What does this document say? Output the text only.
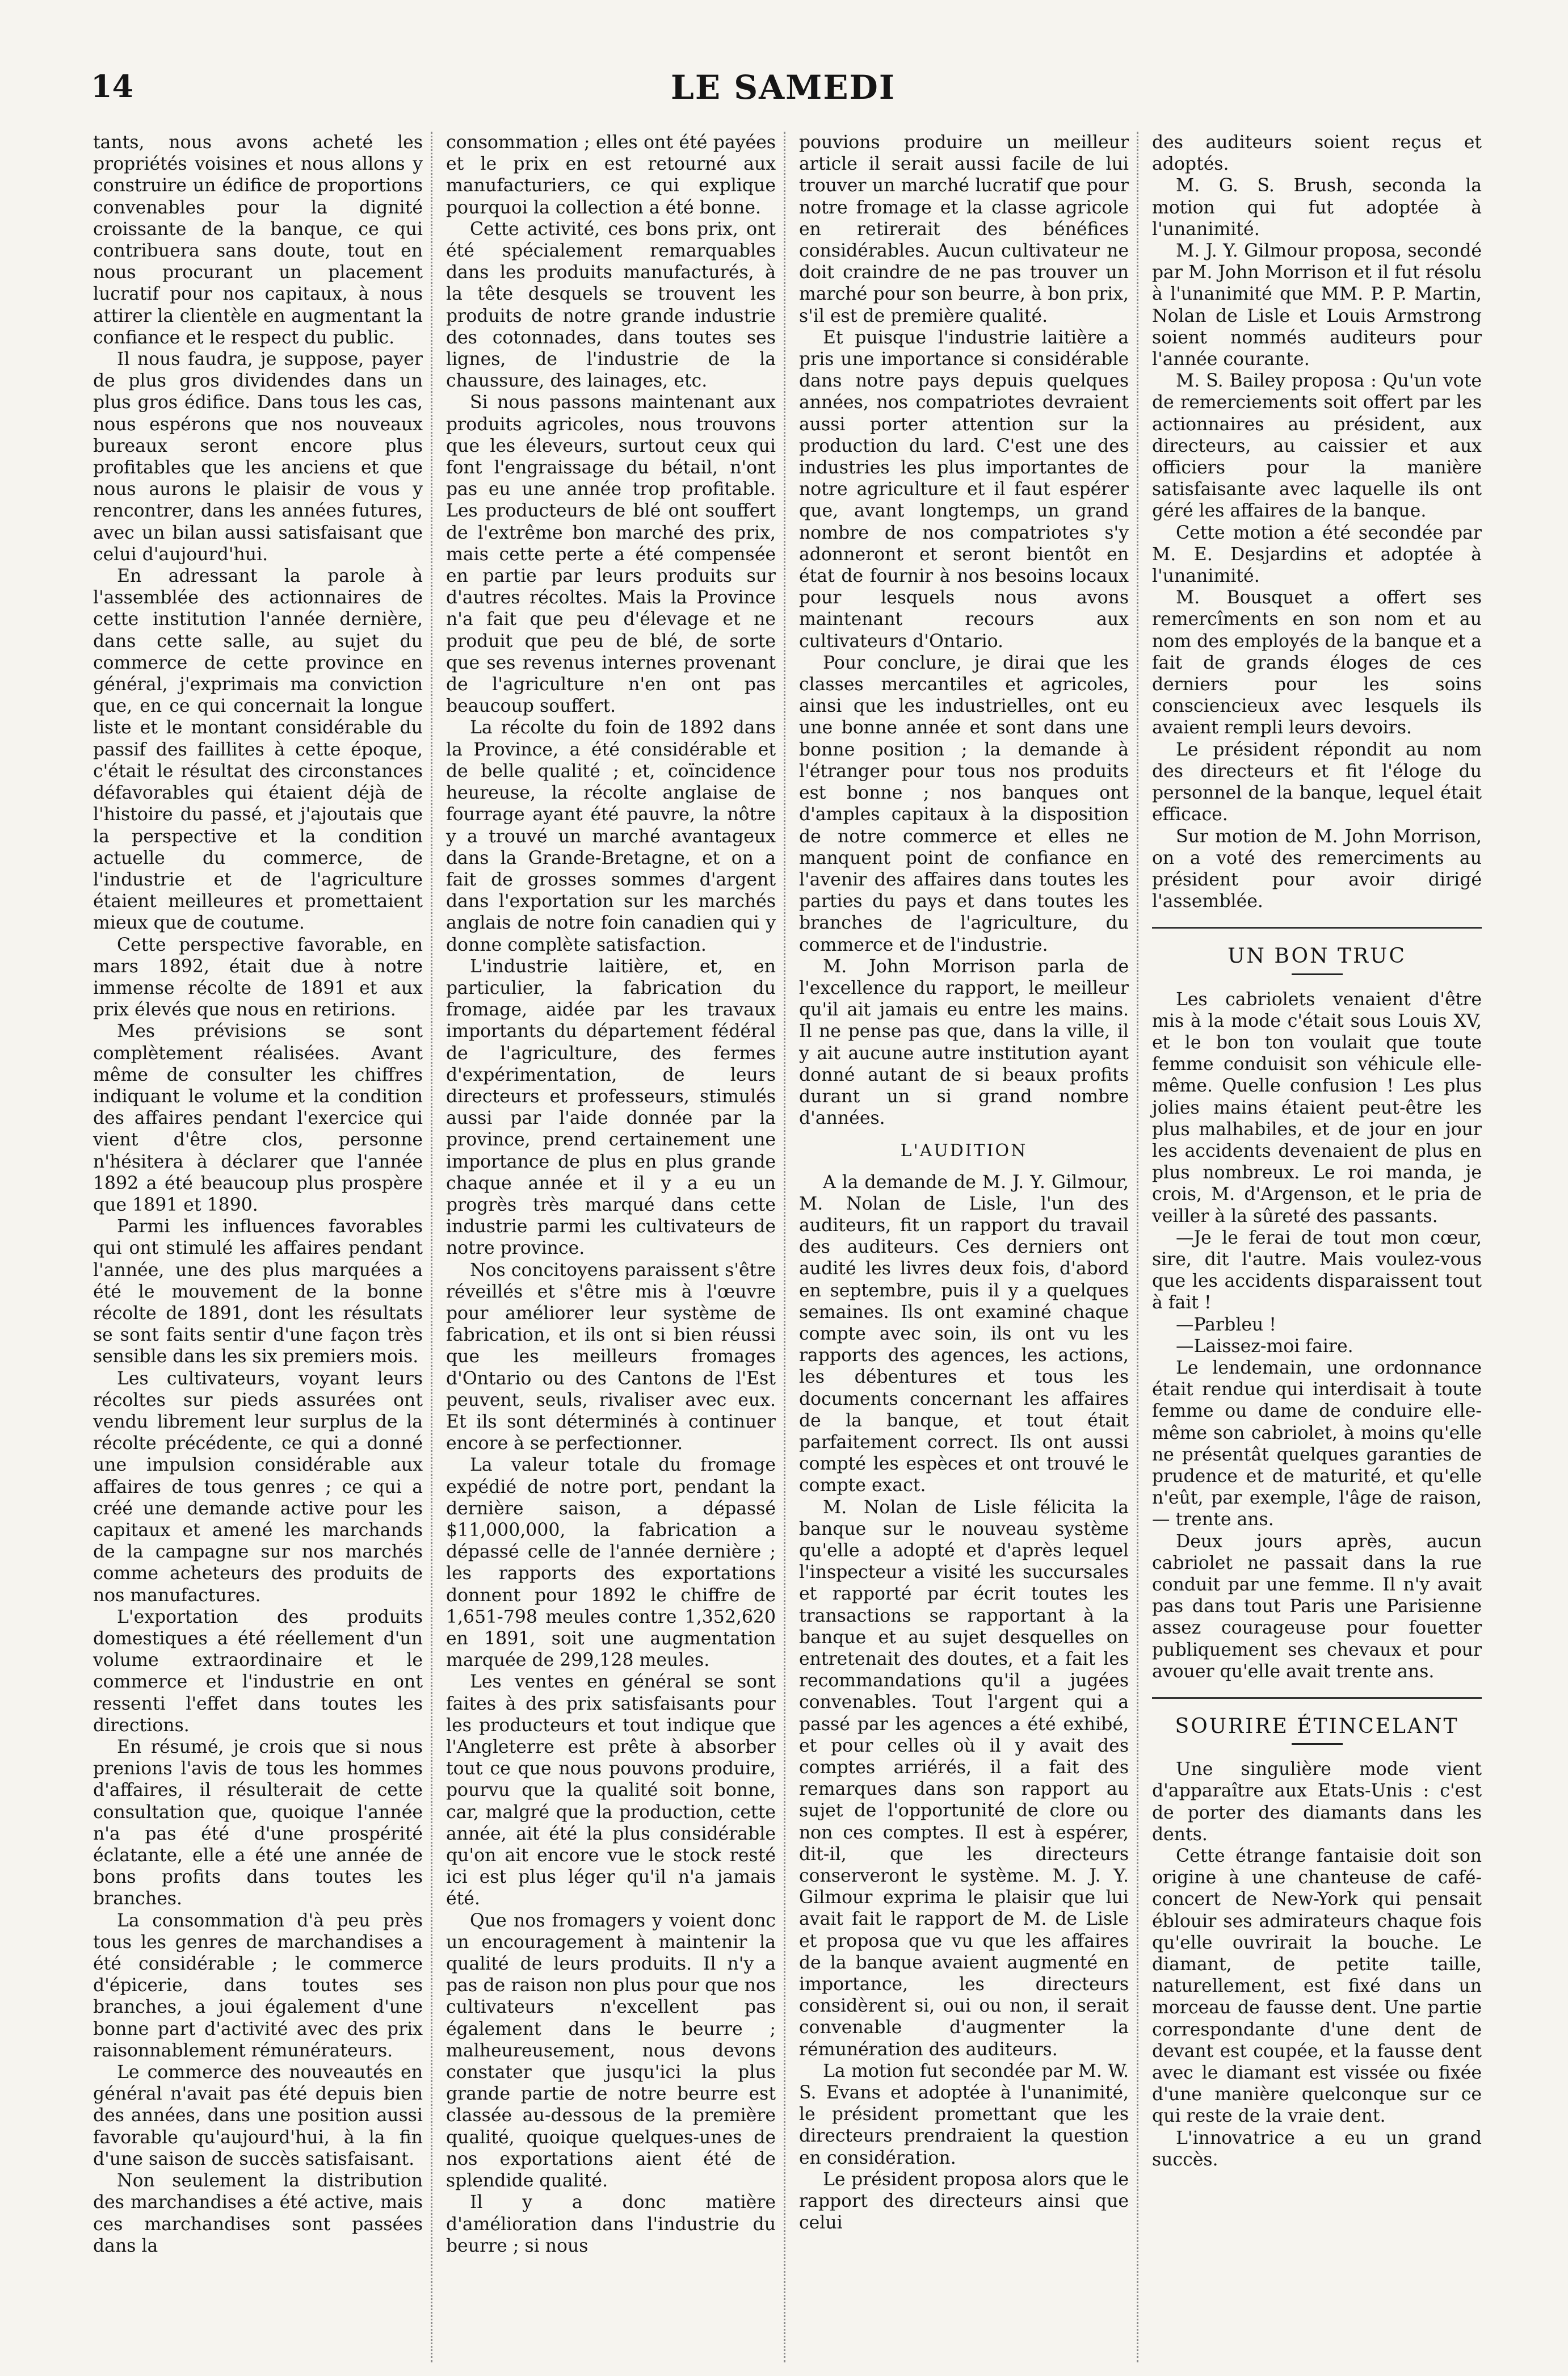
14	LE SAMEDI

tants, nous avons acheté les propriétés voisines et nous allons y construire un édifice de proportions convenables pour la dignité croissante de la banque, ce qui contribuera sans doute, tout en nous procurant un placement lucratif pour nos capitaux, à nous attirer la clientèle en augmentant la confiance et le respect du public.

Il nous faudra, je suppose, payer de plus gros dividendes dans un plus gros édifice. Dans tous les cas, nous espérons que nos nouveaux bureaux seront encore plus profitables que les anciens et que nous aurons le plaisir de vous y rencontrer, dans les années futures, avec un bilan aussi satisfaisant que celui d'aujourd'hui.

En adressant la parole à l'assemblée des actionnaires de cette institution l'année dernière, dans cette salle, au sujet du commerce de cette province en général, j'exprimais ma conviction que, en ce qui concernait la longue liste et le montant considérable du passif des faillites à cette époque, c'était le résultat des circonstances défavorables qui étaient déjà de l'histoire du passé, et j'ajoutais que la perspective et la condition actuelle du commerce, de l'industrie et de l'agriculture étaient meilleures et promettaient mieux que de coutume.

Cette perspective favorable, en mars 1892, était due à notre immense récolte de 1891 et aux prix élevés que nous en retirions.

Mes prévisions se sont complètement réalisées. Avant même de consulter les chiffres indiquant le volume et la condition des affaires pendant l'exercice qui vient d'être clos, personne n'hésitera à déclarer que l'année 1892 a été beaucoup plus prospère que 1891 et 1890.

Parmi les influences favorables qui ont stimulé les affaires pendant l'année, une des plus marquées a été le mouvement de la bonne récolte de 1891, dont les résultats se sont faits sentir d'une façon très sensible dans les six premiers mois.

Les cultivateurs, voyant leurs récoltes sur pieds assurées ont vendu librement leur surplus de la récolte précédente, ce qui a donné une impulsion considérable aux affaires de tous genres ; ce qui a créé une demande active pour les capitaux et amené les marchands de la campagne sur nos marchés comme acheteurs des produits de nos manufactures.

L'exportation des produits domestiques a été réellement d'un volume extraordinaire et le commerce et l'industrie en ont ressenti l'effet dans toutes les directions.

En résumé, je crois que si nous prenions l'avis de tous les hommes d'affaires, il résulterait de cette consultation que, quoique l'année n'a pas été d'une prospérité éclatante, elle a été une année de bons profits dans toutes les branches.

La consommation d'à peu près tous les genres de marchandises a été considérable ; le commerce d'épicerie, dans toutes ses branches, a joui également d'une bonne part d'activité avec des prix raisonnablement rémunérateurs.

Le commerce des nouveautés en général n'avait pas été depuis bien des années, dans une position aussi favorable qu'aujourd'hui, à la fin d'une saison de succès satisfaisant.

Non seulement la distribution des marchandises a été active, mais ces marchandises sont passées dans la

consommation ; elles ont été payées et le prix en est retourné aux manufacturiers, ce qui explique pourquoi la collection a été bonne.

Cette activité, ces bons prix, ont été spécialement remarquables dans les produits manufacturés, à la tête desquels se trouvent les produits de notre grande industrie des cotonnades, dans toutes ses lignes, de l'industrie de la chaussure, des lainages, etc.

Si nous passons maintenant aux produits agricoles, nous trouvons que les éleveurs, surtout ceux qui font l'engraissage du bétail, n'ont pas eu une année trop profitable. Les producteurs de blé ont souffert de l'extrême bon marché des prix, mais cette perte a été compensée en partie par leurs produits sur d'autres récoltes. Mais la Province n'a fait que peu d'élevage et ne produit que peu de blé, de sorte que ses revenus internes provenant de l'agriculture n'en ont pas beaucoup souffert.

La récolte du foin de 1892 dans la Province, a été considérable et de belle qualité ; et, coïncidence heureuse, la récolte anglaise de fourrage ayant été pauvre, la nôtre y a trouvé un marché avantageux dans la Grande-Bretagne, et on a fait de grosses sommes d'argent dans l'exportation sur les marchés anglais de notre foin canadien qui y donne complète satisfaction.

L'industrie laitière, et, en particulier, la fabrication du fromage, aidée par les travaux importants du département fédéral de l'agriculture, des fermes d'expérimentation, de leurs directeurs et professeurs, stimulés aussi par l'aide donnée par la province, prend certainement une importance de plus en plus grande chaque année et il y a eu un progrès très marqué dans cette industrie parmi les cultivateurs de notre province.

Nos concitoyens paraissent s'être réveillés et s'être mis à l'œuvre pour améliorer leur système de fabrication, et ils ont si bien réussi que les meilleurs fromages d'Ontario ou des Cantons de l'Est peuvent, seuls, rivaliser avec eux. Et ils sont déterminés à continuer encore à se perfectionner.

La valeur totale du fromage expédié de notre port, pendant la dernière saison, a dépassé $11,000,000, la fabrication a dépassé celle de l'année dernière ; les rapports des exportations donnent pour 1892 le chiffre de 1,651-798 meules contre 1,352,620 en 1891, soit une augmentation marquée de 299,128 meules.

Les ventes en général se sont faites à des prix satisfaisants pour les producteurs et tout indique que l'Angleterre est prête à absorber tout ce que nous pouvons produire, pourvu que la qualité soit bonne, car, malgré que la production, cette année, ait été la plus considérable qu'on ait encore vue le stock resté ici est plus léger qu'il n'a jamais été.

Que nos fromagers y voient donc un encouragement à maintenir la qualité de leurs produits. Il n'y a pas de raison non plus pour que nos cultivateurs n'excellent pas également dans le beurre ; malheureusement, nous devons constater que jusqu'ici la plus grande partie de notre beurre est classée au-dessous de la première qualité, quoique quelques-unes de nos exportations aient été de splendide qualité.

Il y a donc matière d'amélioration dans l'industrie du beurre ; si nous

pouvions produire un meilleur article il serait aussi facile de lui trouver un marché lucratif que pour notre fromage et la classe agricole en retirerait des bénéfices considérables. Aucun cultivateur ne doit craindre de ne pas trouver un marché pour son beurre, à bon prix, s'il est de première qualité.

Et puisque l'industrie laitière a pris une importance si considérable dans notre pays depuis quelques années, nos compatriotes devraient aussi porter attention sur la production du lard. C'est une des industries les plus importantes de notre agriculture et il faut espérer que, avant longtemps, un grand nombre de nos compatriotes s'y adonneront et seront bientôt en état de fournir à nos besoins locaux pour lesquels nous avons maintenant recours aux cultivateurs d'Ontario.

Pour conclure, je dirai que les classes mercantiles et agricoles, ainsi que les industrielles, ont eu une bonne année et sont dans une bonne position ; la demande à l'étranger pour tous nos produits est bonne ; nos banques ont d'amples capitaux à la disposition de notre commerce et elles ne manquent point de confiance en l'avenir des affaires dans toutes les parties du pays et dans toutes les branches de l'agriculture, du commerce et de l'industrie.

M. John Morrison parla de l'excellence du rapport, le meilleur qu'il ait jamais eu entre les mains. Il ne pense pas que, dans la ville, il y ait aucune autre institution ayant donné autant de si beaux profits durant un si grand nombre d'années.

L'AUDITION

A la demande de M. J. Y. Gilmour, M. Nolan de Lisle, l'un des auditeurs, fit un rapport du travail des auditeurs. Ces derniers ont audité les livres deux fois, d'abord en septembre, puis il y a quelques semaines. Ils ont examiné chaque compte avec soin, ils ont vu les rapports des agences, les actions, les débentures et tous les documents concernant les affaires de la banque, et tout était parfaitement correct. Ils ont aussi compté les espèces et ont trouvé le compte exact.

M. Nolan de Lisle félicita la banque sur le nouveau système qu'elle a adopté et d'après lequel l'inspecteur a visité les succursales et rapporté par écrit toutes les transactions se rapportant à la banque et au sujet desquelles on entretenait des doutes, et a fait les recommandations qu'il a jugées convenables. Tout l'argent qui a passé par les agences a été exhibé, et pour celles où il y avait des comptes arriérés, il a fait des remarques dans son rapport au sujet de l'opportunité de clore ou non ces comptes. Il est à espérer, dit-il, que les directeurs conserveront le système. M. J. Y. Gilmour exprima le plaisir que lui avait fait le rapport de M. de Lisle et proposa que vu que les affaires de la banque avaient augmenté en importance, les directeurs considèrent si, oui ou non, il serait convenable d'augmenter la rémunération des auditeurs.

La motion fut secondée par M. W. S. Evans et adoptée à l'unanimité, le président promettant que les directeurs prendraient la question en considération.

Le président proposa alors que le rapport des directeurs ainsi que celui

des auditeurs soient reçus et adoptés.

M. G. S. Brush, seconda la motion qui fut adoptée à l'unanimité.

M. J. Y. Gilmour proposa, secondé par M. John Morrison et il fut résolu à l'unanimité que MM. P. P. Martin, Nolan de Lisle et Louis Armstrong soient nommés auditeurs pour l'année courante.

M. S. Bailey proposa : Qu'un vote de remerciements soit offert par les actionnaires au président, aux directeurs, au caissier et aux officiers pour la manière satisfaisante avec laquelle ils ont géré les affaires de la banque.

Cette motion a été secondée par M. E. Desjardins et adoptée à l'unanimité.

M. Bousquet a offert ses remercîments en son nom et au nom des employés de la banque et a fait de grands éloges de ces derniers pour les soins consciencieux avec lesquels ils avaient rempli leurs devoirs.

Le président répondit au nom des directeurs et fit l'éloge du personnel de la banque, lequel était efficace.

Sur motion de M. John Morrison, on a voté des remerciments au président pour avoir dirigé l'assemblée.

UN BON TRUC

Les cabriolets venaient d'être mis à la mode c'était sous Louis XV, et le bon ton voulait que toute femme conduisit son véhicule elle-même. Quelle confusion ! Les plus jolies mains étaient peut-être les plus malhabiles, et de jour en jour les accidents devenaient de plus en plus nombreux. Le roi manda, je crois, M. d'Argenson, et le pria de veiller à la sûreté des passants.

—Je le ferai de tout mon cœur, sire, dit l'autre. Mais voulez-vous que les accidents disparaissent tout à fait !

—Parbleu !

—Laissez-moi faire.

Le lendemain, une ordonnance était rendue qui interdisait à toute femme ou dame de conduire elle-même son cabriolet, à moins qu'elle ne présentât quelques garanties de prudence et de maturité, et qu'elle n'eût, par exemple, l'âge de raison, — trente ans.

Deux jours après, aucun cabriolet ne passait dans la rue conduit par une femme. Il n'y avait pas dans tout Paris une Parisienne assez courageuse pour fouetter publiquement ses chevaux et pour avouer qu'elle avait trente ans.

SOURIRE ÉTINCELANT

Une singulière mode vient d'apparaître aux Etats-Unis : c'est de porter des diamants dans les dents.

Cette étrange fantaisie doit son origine à une chanteuse de café-concert de New-York qui pensait éblouir ses admirateurs chaque fois qu'elle ouvrirait la bouche. Le diamant, de petite taille, naturellement, est fixé dans un morceau de fausse dent. Une partie correspondante d'une dent de devant est coupée, et la fausse dent avec le diamant est vissée ou fixée d'une manière quelconque sur ce qui reste de la vraie dent.

L'innovatrice a eu un grand succès.
